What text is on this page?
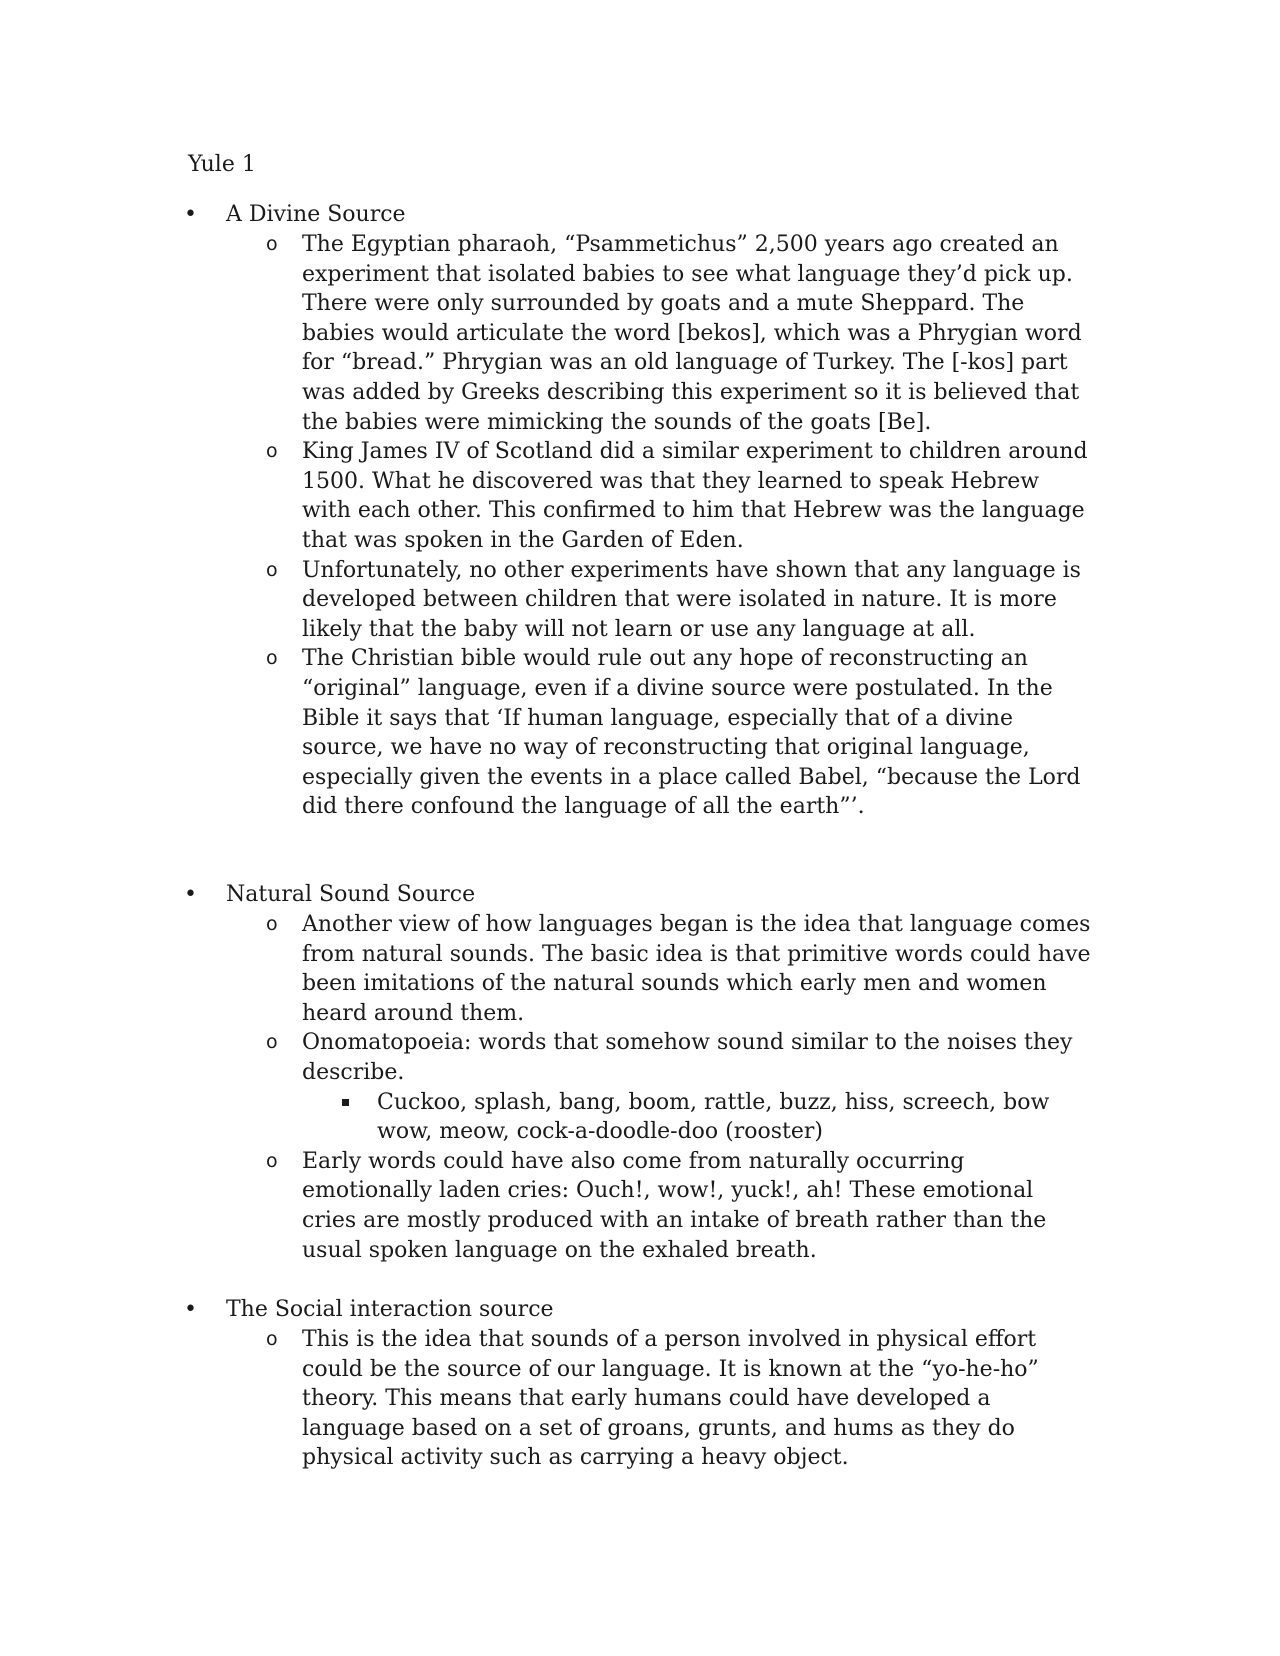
Yule 1
• A Divine Source
o The Egyptian pharaoh, “Psammetichus” 2,500 years ago created an experiment that isolated babies to see what language they’d pick up. There were only surrounded by goats and a mute Sheppard. The babies would articulate the word [bekos], which was a Phrygian word for “bread.” Phrygian was an old language of Turkey. The [-kos] part was added by Greeks describing this experiment so it is believed that the babies were mimicking the sounds of the goats [Be].
o King James IV of Scotland did a similar experiment to children around 1500. What he discovered was that they learned to speak Hebrew with each other. This confirmed to him that Hebrew was the language that was spoken in the Garden of Eden.
o Unfortunately, no other experiments have shown that any language is developed between children that were isolated in nature. It is more likely that the baby will not learn or use any language at all.
o The Christian bible would rule out any hope of reconstructing an “original” language, even if a divine source were postulated. In the Bible it says that ‘If human language, especially that of a divine source, we have no way of reconstructing that original language, especially given the events in a place called Babel, “because the Lord did there confound the language of all the earth”’.
• Natural Sound Source
o Another view of how languages began is the idea that language comes from natural sounds. The basic idea is that primitive words could have been imitations of the natural sounds which early men and women heard around them.
o Onomatopoeia: words that somehow sound similar to the noises they describe.
Cuckoo, splash, bang, boom, rattle, buzz, hiss, screech, bow wow, meow, cock-a-doodle-doo (rooster)
o Early words could have also come from naturally occurring emotionally laden cries: Ouch!, wow!, yuck!, ah! These emotional cries are mostly produced with an intake of breath rather than the usual spoken language on the exhaled breath.
• The Social interaction source
o This is the idea that sounds of a person involved in physical effort could be the source of our language. It is known at the “yo-he-ho” theory. This means that early humans could have developed a language based on a set of groans, grunts, and hums as they do physical activity such as carrying a heavy object.
